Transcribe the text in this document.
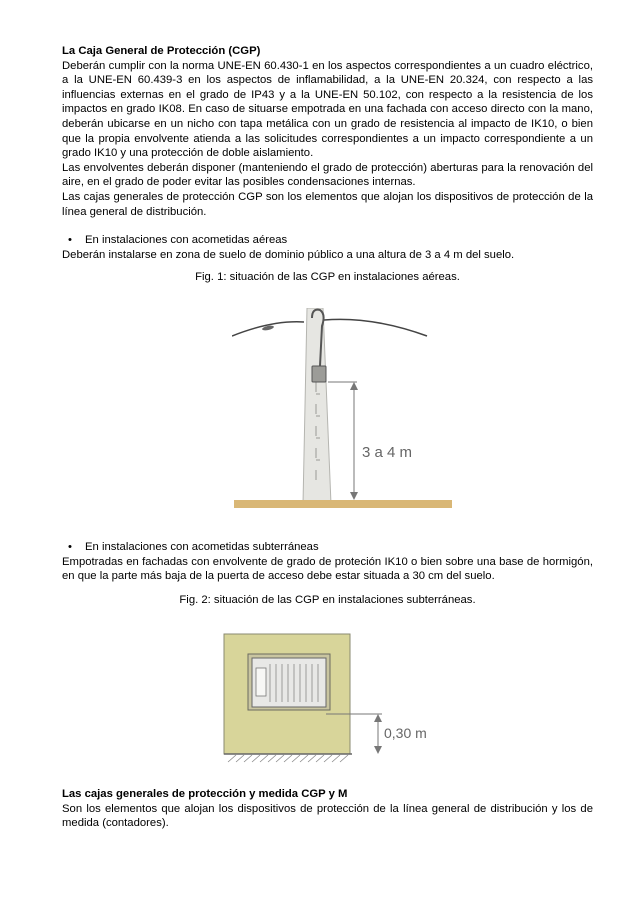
La Caja General de Protección (CGP)

Deberán cumplir con la norma UNE-EN 60.430-1 en los aspectos correspondientes a un cuadro eléctrico, a la UNE-EN 60.439-3 en los aspectos de inflamabilidad, a la UNE-EN 20.324, con respecto a las influencias externas en el grado de IP43 y a la UNE-EN 50.102, con respecto a la resistencia de los impactos en grado IK08. En caso de situarse empotrada en una fachada con acceso directo con la mano, deberán ubicarse en un nicho con tapa metálica con un grado de resistencia al impacto de IK10, o bien que la propia envolvente atienda a las solicitudes correspondientes a un impacto correspondiente a un grado IK10 y una protección de doble aislamiento.

Las envolventes deberán disponer (manteniendo el grado de protección) aberturas para la renovación del aire, en el grado de poder evitar las posibles condensaciones internas.

Las cajas generales de protección CGP son los elementos que alojan los dispositivos de protección de la línea general de distribución.

• En instalaciones con acometidas aéreas

Deberán instalarse en zona de suelo de dominio público a una altura de 3 a 4 m del suelo.

Fig. 1: situación de las CGP en instalaciones aéreas.

3 a 4 m

• En instalaciones con acometidas subterráneas

Empotradas en fachadas con envolvente de grado de proteción IK10 o bien sobre una base de hormigón, en que la parte más baja de la puerta de acceso debe estar situada a 30 cm del suelo.

Fig. 2: situación de las CGP en instalaciones subterráneas.

0,30 m

Las cajas generales de protección y medida CGP y M

Son los elementos que alojan los dispositivos de protección de la línea general de distribución y los de medida (contadores).
